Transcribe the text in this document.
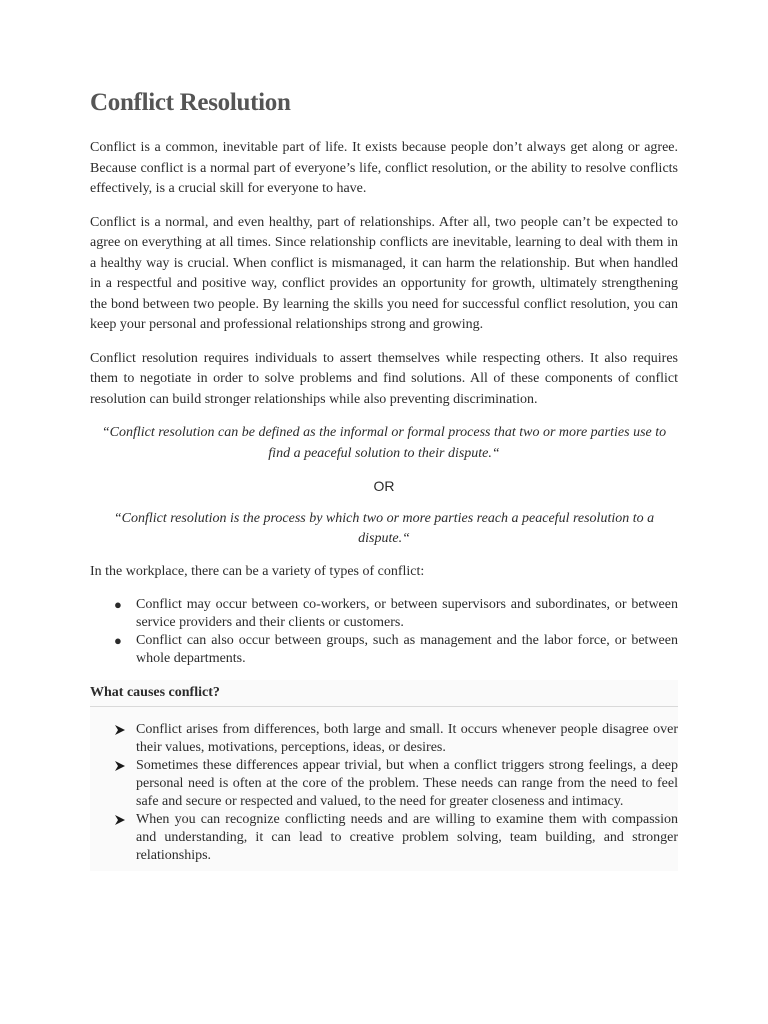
Conflict Resolution

Conflict is a common, inevitable part of life. It exists because people don’t always get along or agree. Because conflict is a normal part of everyone’s life, conflict resolution, or the ability to resolve conflicts effectively, is a crucial skill for everyone to have.

Conflict is a normal, and even healthy, part of relationships. After all, two people can’t be expected to agree on everything at all times. Since relationship conflicts are inevitable, learning to deal with them in a healthy way is crucial. When conflict is mismanaged, it can harm the relationship. But when handled in a respectful and positive way, conflict provides an opportunity for growth, ultimately strengthening the bond between two people. By learning the skills you need for successful conflict resolution, you can keep your personal and professional relationships strong and growing.

Conflict resolution requires individuals to assert themselves while respecting others. It also requires them to negotiate in order to solve problems and find solutions. All of these components of conflict resolution can build stronger relationships while also preventing discrimination.

“Conflict resolution can be defined as the informal or formal process that two or more parties use to find a peaceful solution to their dispute.“

OR

“Conflict resolution is the process by which two or more parties reach a peaceful resolution to a dispute.“

In the workplace, there can be a variety of types of conflict:

● Conflict may occur between co-workers, or between supervisors and subordinates, or between service providers and their clients or customers.
● Conflict can also occur between groups, such as management and the labor force, or between whole departments.
What causes conflict?
Conflict arises from differences, both large and small. It occurs whenever people disagree over their values, motivations, perceptions, ideas, or desires.
Sometimes these differences appear trivial, but when a conflict triggers strong feelings, a deep personal need is often at the core of the problem. These needs can range from the need to feel safe and secure or respected and valued, to the need for greater closeness and intimacy.
When you can recognize conflicting needs and are willing to examine them with compassion and understanding, it can lead to creative problem solving, team building, and stronger relationships.
